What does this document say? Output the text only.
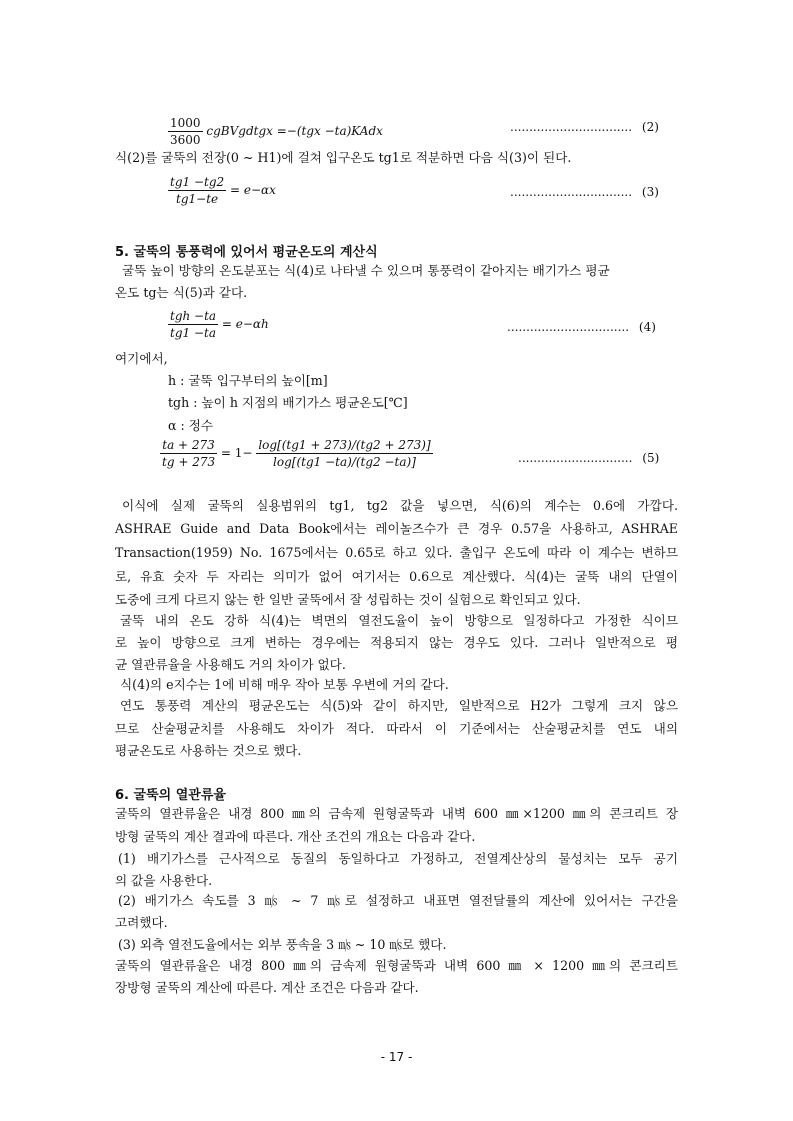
$\frac{1000}{3600}$ cgBVgdtgx =−(tgx −ta)KAdx	................................ (2)
식(2)를 굴뚝의 전장(0 ~ H1)에 걸쳐 입구온도 tg1로 적분하면 다음 식(3)이 된다.
$\frac{tg1 -tg2}{tg1-te} = e-\alpha x$	................................ (3)
5. 굴뚝의 통풍력에 있어서 평균온도의 계산식
굴뚝 높이 방향의 온도분포는 식(4)로 나타낼 수 있으며 통풍력이 같아지는 배기가스 평균
온도 tg는 식(5)과 같다.
$\frac{\text{tgh −ta}}{tg1 -ta} = e-\alpha h$	................................ (4)
여기에서,
h : 굴뚝 입구부터의 높이[m]
tgh : 높이 h 지점의 배기가스 평균온도[℃]
α : 정수
$\frac{ta + 273}{tg + 273} = 1- \frac{\log[(tg1 + 273)/(tg2 + 273)]}{\log[(tg1 -ta)/(tg2 -ta)]}$	.............................. (5)
이식에 실제 굴뚝의 실용범위의 tg1, tg2 값을 넣으면, 식(6)의 계수는 0.6에 가깝다.
ASHRAE Guide and Data Book에서는 레이놀즈수가 큰 경우 0.57을 사용하고, ASHRAE
Transaction(1959) No. 1675에서는 0.65로 하고 있다. 출입구 온도에 따라 이 계수는 변하므
로, 유효 숫자 두 자리는 의미가 없어 여기서는 0.6으로 계산했다. 식(4)는 굴뚝 내의 단열이
도중에 크게 다르지 않는 한 일반 굴뚝에서 잘 성립하는 것이 실험으로 확인되고 있다.
굴뚝 내의 온도 강하 식(4)는 벽면의 열전도율이 높이 방향으로 일정하다고 가정한 식이므
로 높이 방향으로 크게 변하는 경우에는 적용되지 않는 경우도 있다. 그러나 일반적으로 평
균 열관류율을 사용해도 거의 차이가 없다.
식(4)의 e지수는 1에 비해 매우 작아 보통 우변에 거의 같다.
연도 통풍력 계산의 평균온도는 식(5)와 같이 하지만, 일반적으로 H2가 그렇게 크지 않으
므로 산술평균치를 사용해도 차이가 적다. 따라서 이 기준에서는 산술평균치를 연도 내의
평균온도로 사용하는 것으로 했다.
6. 굴뚝의 열관류율
굴뚝의 열관류율은 내경 800 ㎜의 금속제 원형굴뚝과 내벽 600 ㎜×1200 ㎜의 콘크리트 장
방형 굴뚝의 계산 결과에 따른다. 개산 조건의 개요는 다음과 같다.
(1) 배기가스를 근사적으로 동질의 동일하다고 가정하고, 전열계산상의 물성치는 모두 공기
의 값을 사용한다.
(2) 배기가스 속도를 3 ㎧ ~ 7 ㎧로 설정하고 내표면 열전달률의 계산에 있어서는 구간을
고려했다.
(3) 외측 열전도율에서는 외부 풍속을 3 ㎧ ~ 10 ㎧로 했다.
굴뚝의 열관류율은 내경 800 ㎜의 금속제 원형굴뚝과 내벽 600 ㎜ × 1200 ㎜의 콘크리트
장방형 굴뚝의 계산에 따른다. 계산 조건은 다음과 같다.
- 17 -
